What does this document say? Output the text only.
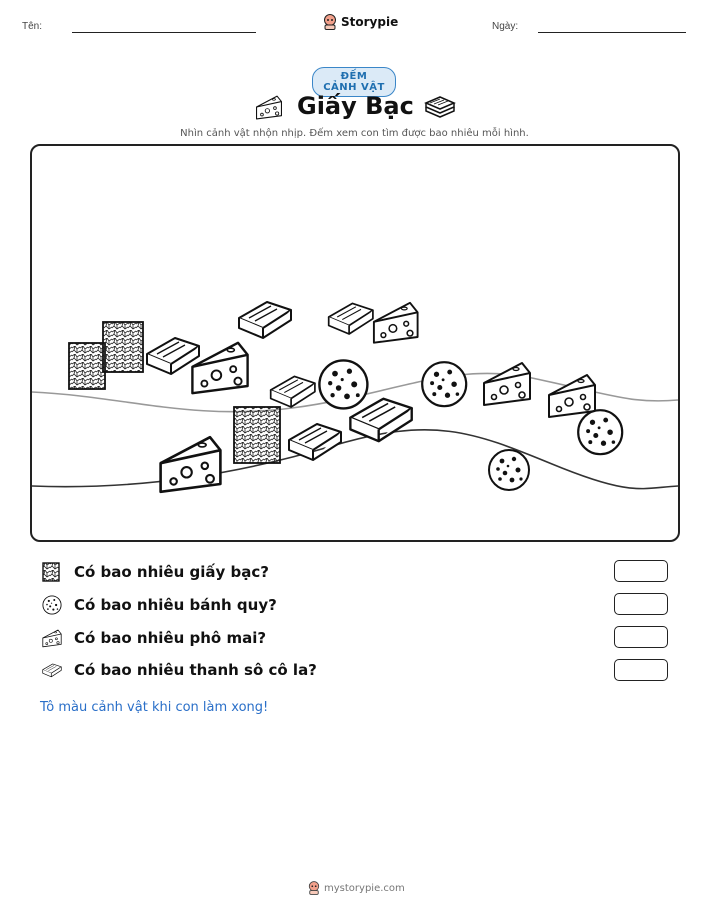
Tên:	Storypie	Ngày:
ĐẾM CẢNH VẬT
Giấy Bạc
Nhìn cảnh vật nhộn nhịp. Đếm xem con tìm được bao nhiêu mỗi hình.
Có bao nhiêu giấy bạc?
Có bao nhiêu bánh quy?
Có bao nhiêu phô mai?
Có bao nhiêu thanh sô cô la?
Tô màu cảnh vật khi con làm xong!
mystorypie.com
